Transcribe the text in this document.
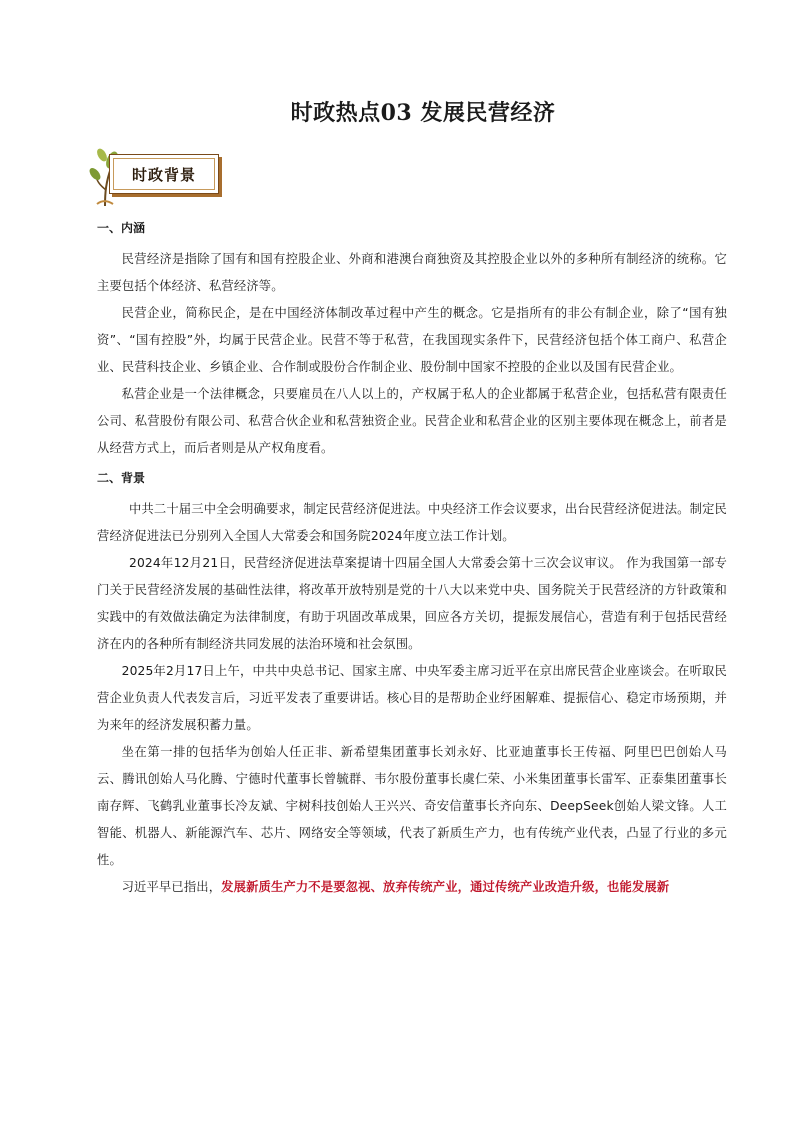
时政热点03 发展民营经济
时政背景
一、内涵

民营经济是指除了国有和国有控股企业、外商和港澳台商独资及其控股企业以外的多种所有制经济的统称。它主要包括个体经济、私营经济等。

民营企业，简称民企，是在中国经济体制改革过程中产生的概念。它是指所有的非公有制企业，除了“国有独资”、“国有控股”外，均属于民营企业。民营不等于私营，在我国现实条件下，民营经济包括个体工商户、私营企业、民营科技企业、乡镇企业、合作制或股份合作制企业、股份制中国家不控股的企业以及国有民营企业。

私营企业是一个法律概念，只要雇员在八人以上的，产权属于私人的企业都属于私营企业，包括私营有限责任公司、私营股份有限公司、私营合伙企业和私营独资企业。民营企业和私营企业的区别主要体现在概念上，前者是从经营方式上，而后者则是从产权角度看。

二、背景

中共二十届三中全会明确要求，制定民营经济促进法。中央经济工作会议要求，出台民营经济促进法。制定民营经济促进法已分别列入全国人大常委会和国务院2024年度立法工作计划。

2024年12月21日，民营经济促进法草案提请十四届全国人大常委会第十三次会议审议。 作为我国第一部专门关于民营经济发展的基础性法律，将改革开放特别是党的十八大以来党中央、国务院关于民营经济的方针政策和实践中的有效做法确定为法律制度，有助于巩固改革成果，回应各方关切，提振发展信心，营造有利于包括民营经济在内的各种所有制经济共同发展的法治环境和社会氛围。

2025年2月17日上午，中共中央总书记、国家主席、中央军委主席习近平在京出席民营企业座谈会。在听取民营企业负责人代表发言后，习近平发表了重要讲话。核心目的是帮助企业纾困解难、提振信心、稳定市场预期，并为来年的经济发展积蓄力量。

坐在第一排的包括华为创始人任正非、新希望集团董事长刘永好、比亚迪董事长王传福、阿里巴巴创始人马云、腾讯创始人马化腾、宁德时代董事长曾毓群、韦尔股份董事长虞仁荣、小米集团董事长雷军、正泰集团董事长南存辉、飞鹤乳业董事长冷友斌、宇树科技创始人王兴兴、奇安信董事长齐向东、DeepSeek创始人梁文锋。人工智能、机器人、新能源汽车、芯片、网络安全等领域，代表了新质生产力，也有传统产业代表，凸显了行业的多元性。

习近平早已指出，发展新质生产力不是要忽视、放弃传统产业，通过传统产业改造升级，也能发展新
